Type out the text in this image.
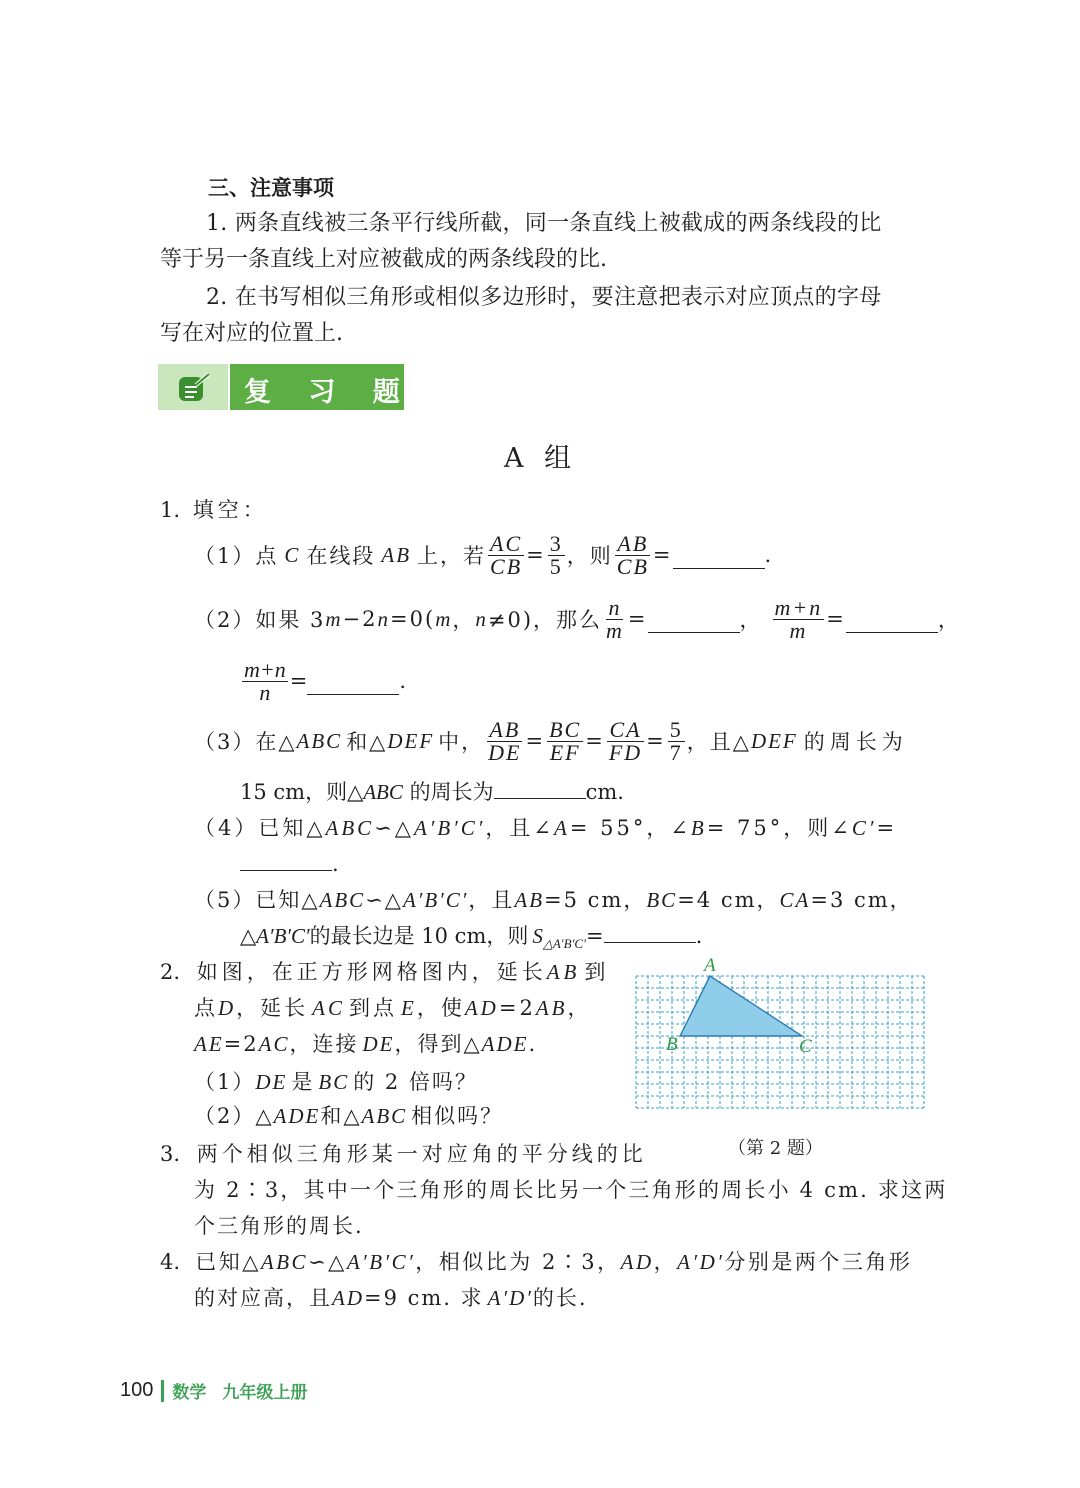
三、注意事项
1. 两条直线被三条平行线所截，同一条直线上被截成的两条线段的比
等于另一条直线上对应被截成的两条线段的比.
2. 在书写相似三角形或相似多边形时，要注意把表示对应顶点的字母
写在对应的位置上.
复 习 题
A 组
1. 填空：
（1）点 C 在线段 AB 上，若 $\frac{AC}{CB} = \frac{3}{5}$ ，则 $\frac{AB}{CB}$ =	.
（2）如果 3 m −2 n =0( m ， n ≠0)，那么 $\frac{n}{m}$ =	， $\frac{m+n}{m}$ =	，
$\frac{m+n}{n}$ =	.
（3）在△ ABC 和△ DEF 中， $\frac{AB}{DE} = \frac{BC}{EF} = \frac{CA}{FD} = \frac{5}{7}$ ，且△ DEF 的周长为
15 cm，则△ABC 的周长为	cm.
（4）已知△ABC∽△A′B′C′，且∠A= 55°，∠B= 75°，则∠C′=
.
（5）已知△ABC∽△A′B′C′，且AB=5 cm，BC=4 cm，CA=3 cm，
△A′B′C′的最长边是 10 cm，则 $S_{\triangle A'B'C'}=$	.
2. 如图，在正方形网格图内，延长AB 到
点D，延长 AC 到点 E，使AD=2AB，
AE=2AC，连接 DE，得到△ADE.
（1）DE 是 BC 的 2 倍吗？
（2）△ADE和△ABC 相似吗？
A
B	C
（第 2 题）
3. 两个相似三角形某一对应角的平分线的比
为 2∶3，其中一个三角形的周长比另一个三角形的周长小 4 cm. 求这两
个三角形的周长.
4. 已知△ABC∽△A′B′C′，相似比为 2∶3，AD，A′D′分别是两个三角形
的对应高，且AD=9 cm. 求 A′D′的长.
100 数学 九年级上册
